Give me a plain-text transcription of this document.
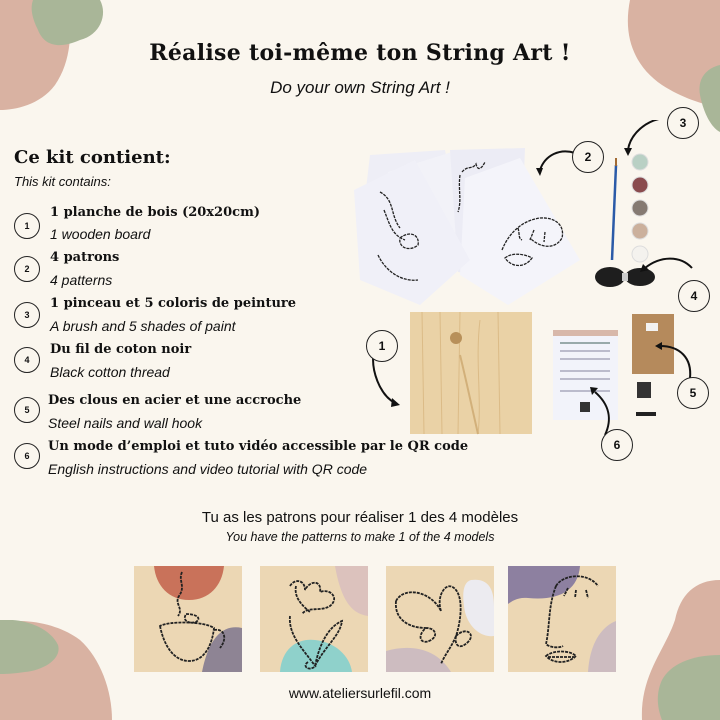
Réalise toi-même ton String Art !
Do your own String Art !
Ce kit contient:
This kit contains:
1
1 planche de bois (20x20cm)
1 wooden board
2
4 patrons
4 patterns
3
1 pinceau et 5 coloris de peinture
A brush and 5 shades of paint
4
Du fil de coton noir
Black cotton thread
5
Des clous en acier et une accroche
Steel nails and wall hook
6
Un mode d’emploi et tuto vidéo accessible par le QR code
English instructions and video tutorial with QR code
1
2
3
4
5
6
Tu as les patrons pour réaliser 1 des 4 modèles
You have the patterns to make 1 of the 4 models
www.ateliersurlefil.com
